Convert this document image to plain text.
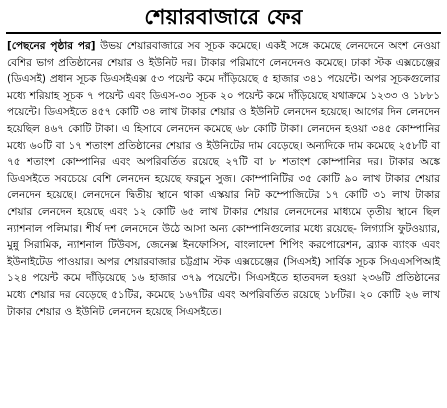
শেয়ারবাজারে ফের

[পেছনের পৃষ্ঠার পর] উভয় শেয়ারবাজারে সব সূচক কমেছে। একই সঙ্গে কমেছে লেনদেনে অংশ নেওয়া বেশির ভাগ প্রতিষ্ঠানের শেয়ার ও ইউনিট দর। টাকার পরিমাণে লেনদেনও কমেছে। ঢাকা স্টক এক্সচেঞ্জের (ডিএসই) প্রধান সূচক ডিএসইএক্স ৫৩ পয়েন্ট কমে দাঁড়িয়েছে ৫ হাজার ৩৪১ পয়েন্টে। অপর সূচকগুলোর মধ্যে শরিয়াহ সূচক ৭ পয়েন্ট এবং ডিএস-৩০ সূচক ২০ পয়েন্ট কমে দাঁড়িয়েছে যথাক্রমে ১২৩৩ ও ১৮৮১ পয়েন্টে। ডিএসইতে ৪৫৭ কোটি ৩৪ লাখ টাকার শেয়ার ও ইউনিট লেনদেন হয়েছে। আগের দিন লেনদেন হয়েছিল ৪৬৭ কোটি টাকা। এ হিসাবে লেনদেন কমেছে ৬৮ কোটি টাকা। লেনদেন হওয়া ৩৪৫ কোম্পানির মধ্যে ৬০টি বা ১৭ শতাংশ প্রতিষ্ঠানের শেয়ার ও ইউনিটের দাম বেড়েছে। অন্যদিকে দাম কমেছে ২৫৮টি বা ৭৫ শতাংশ কোম্পানির এবং অপরিবর্তিত রয়েছে ২৭টি বা ৮ শতাংশ কোম্পানির দর। টাকার অঙ্কে ডিএসইতে সবচেয়ে বেশি লেনদেন হয়েছে ফরচুন সুজ। কোম্পানিটির ৩৫ কোটি ৯০ লাখ টাকার শেয়ার লেনদেন হয়েছে। লেনদেনে দ্বিতীয় স্থানে থাকা এস্কয়ার নিট কম্পোজিটের ১৭ কোটি ৩১ লাখ টাকার শেয়ার লেনদেন হয়েছে এবং ১২ কোটি ৬৫ লাখ টাকার শেয়ার লেনদেনের মাধ্যমে তৃতীয় স্থানে ছিল ন্যাশনাল পলিমার। শীর্ষ দশ লেনদেনে উঠে আসা অন্য কোম্পানিগুলোর মধ্যে রয়েছে- লিগ্যাসি ফুটওয়্যার, মুন্নু সিরামিক, ন্যাশনাল টিউবস, জেনেক্স ইনফোসিস, বাংলাদেশ শিপিং করপোরেশন, ব্র্যাক ব্যাংক এবং ইউনাইটেড পাওয়ার। অপর শেয়ারবাজার চট্টগ্রাম স্টক এক্সচেঞ্জের (সিএসই) সার্বিক সূচক সিএএসপিআই ১২৪ পয়েন্ট কমে দাঁড়িয়েছে ১৬ হাজার ৩৭৯ পয়েন্টে। সিএসইতে হাতবদল হওয়া ২৩৬টি প্রতিষ্ঠানের মধ্যে শেয়ার দর বেড়েছে ৫১টির, কমেছে ১৬৭টির এবং অপরিবর্তিত রয়েছে ১৮টির। ২০ কোটি ২৬ লাখ টাকার শেয়ার ও ইউনিট লেনদেন হয়েছে সিএসইতে।
